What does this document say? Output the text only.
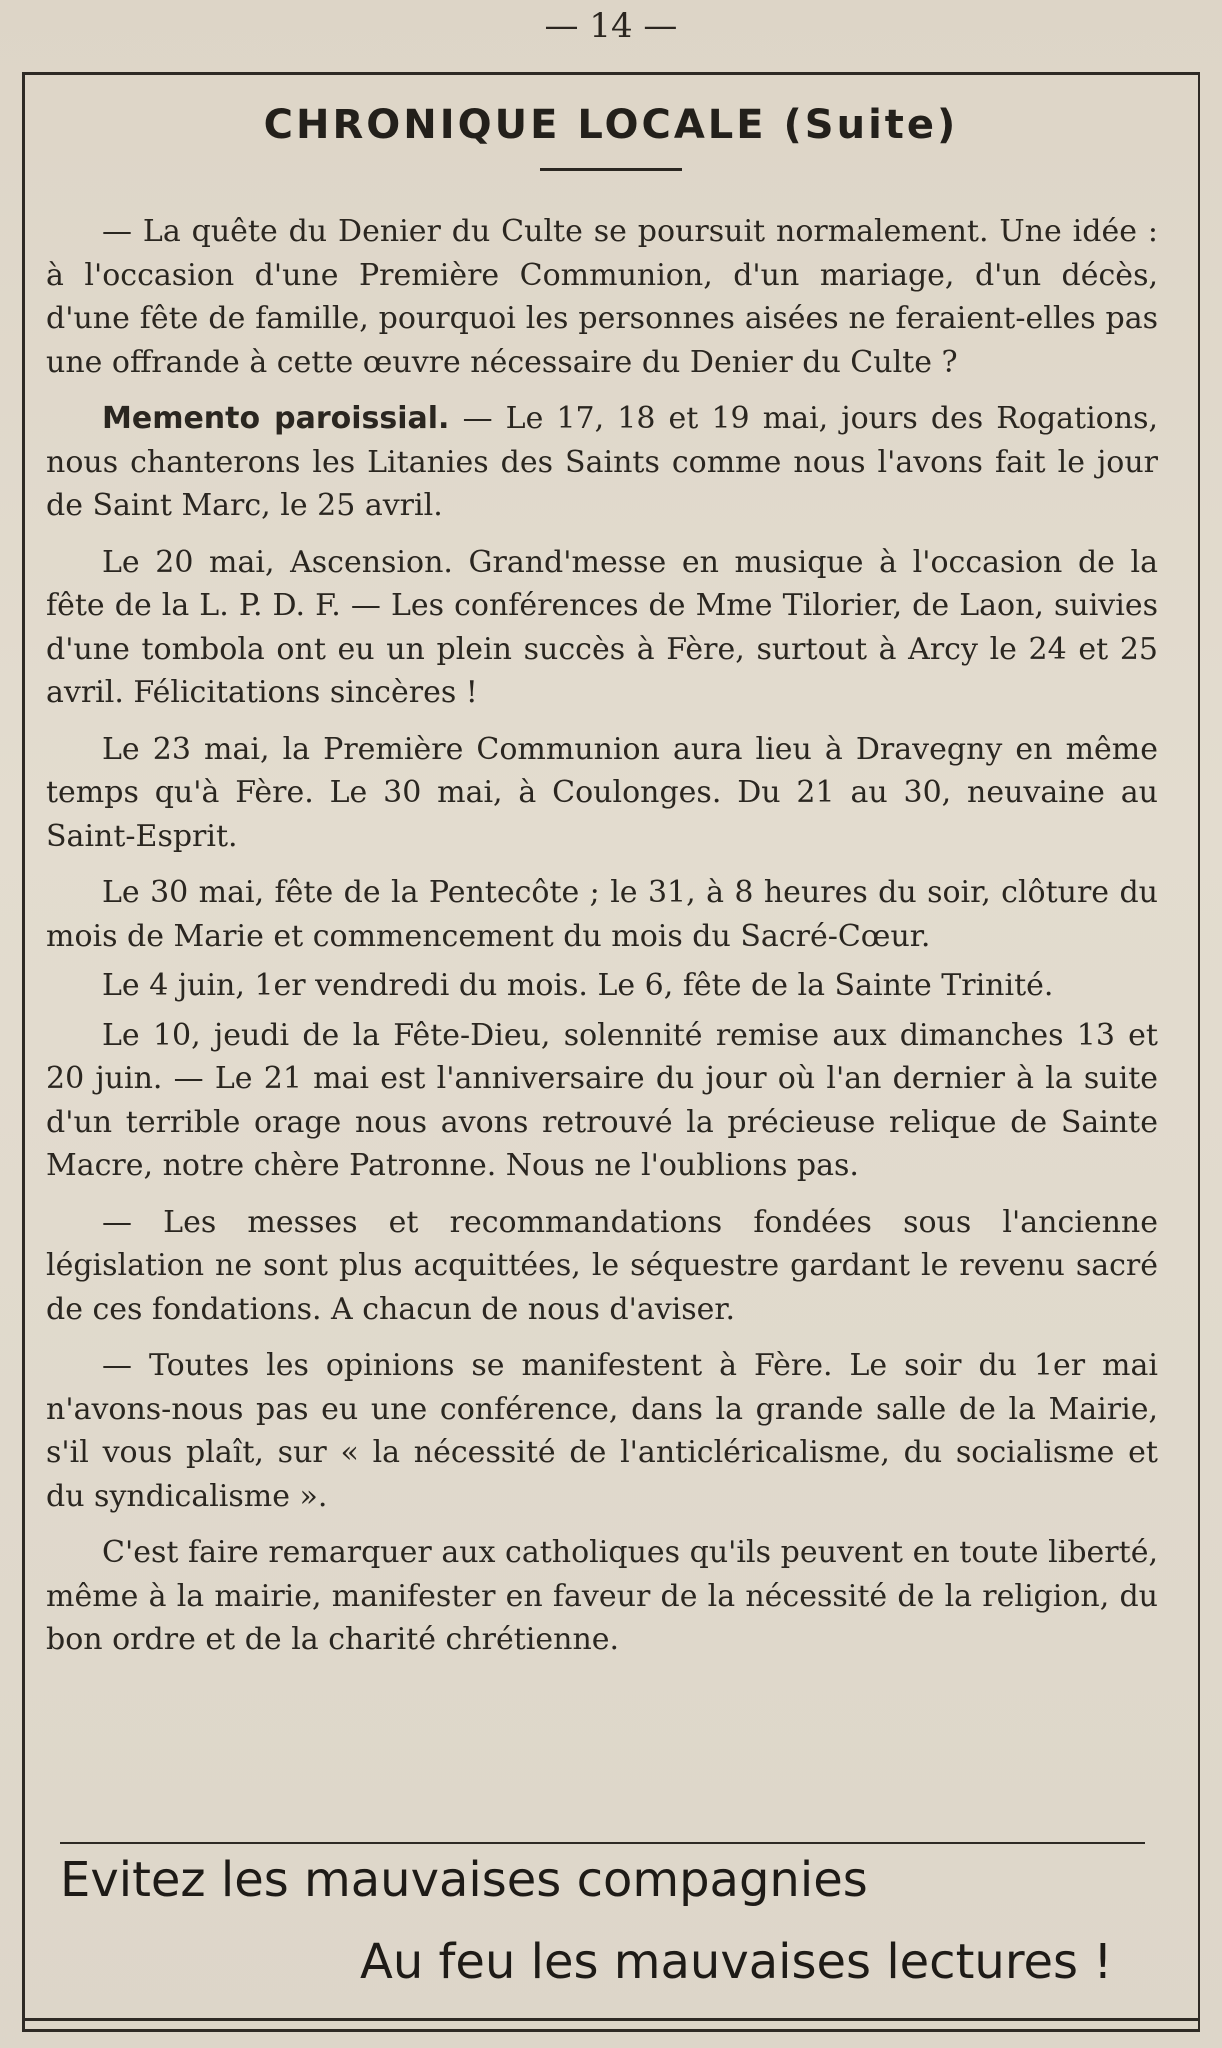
— 14 —
CHRONIQUE LOCALE (Suite)

— La quête du Denier du Culte se poursuit normalement. Une idée : à l'occasion d'une Première Communion, d'un mariage, d'un décès, d'une fête de famille, pourquoi les personnes aisées ne feraient-elles pas une offrande à cette œuvre nécessaire du Denier du Culte ?

Memento paroissial. — Le 17, 18 et 19 mai, jours des Rogations, nous chanterons les Litanies des Saints comme nous l'avons fait le jour de Saint Marc, le 25 avril.

Le 20 mai, Ascension. Grand'messe en musique à l'occasion de la fête de la L. P. D. F. — Les conférences de Mme Tilorier, de Laon, suivies d'une tombola ont eu un plein succès à Fère, surtout à Arcy le 24 et 25 avril. Félicitations sincères !

Le 23 mai, la Première Communion aura lieu à Dravegny en même temps qu'à Fère. Le 30 mai, à Coulonges. Du 21 au 30, neuvaine au Saint-Esprit.

Le 30 mai, fête de la Pentecôte ; le 31, à 8 heures du soir, clôture du mois de Marie et commencement du mois du Sacré-Cœur.

Le 4 juin, 1er vendredi du mois. Le 6, fête de la Sainte Trinité.

Le 10, jeudi de la Fête-Dieu, solennité remise aux dimanches 13 et 20 juin. — Le 21 mai est l'anniversaire du jour où l'an dernier à la suite d'un terrible orage nous avons retrouvé la précieuse relique de Sainte Macre, notre chère Patronne. Nous ne l'oublions pas.

— Les messes et recommandations fondées sous l'ancienne législation ne sont plus acquittées, le séquestre gardant le revenu sacré de ces fondations. A chacun de nous d'aviser.

— Toutes les opinions se manifestent à Fère. Le soir du 1er mai n'avons-nous pas eu une conférence, dans la grande salle de la Mairie, s'il vous plaît, sur « la nécessité de l'anticléricalisme, du socialisme et du syndicalisme ».

C'est faire remarquer aux catholiques qu'ils peuvent en toute liberté, même à la mairie, manifester en faveur de la nécessité de la religion, du bon ordre et de la charité chrétienne.

Evitez les mauvaises compagnies
Au feu les mauvaises lectures !
